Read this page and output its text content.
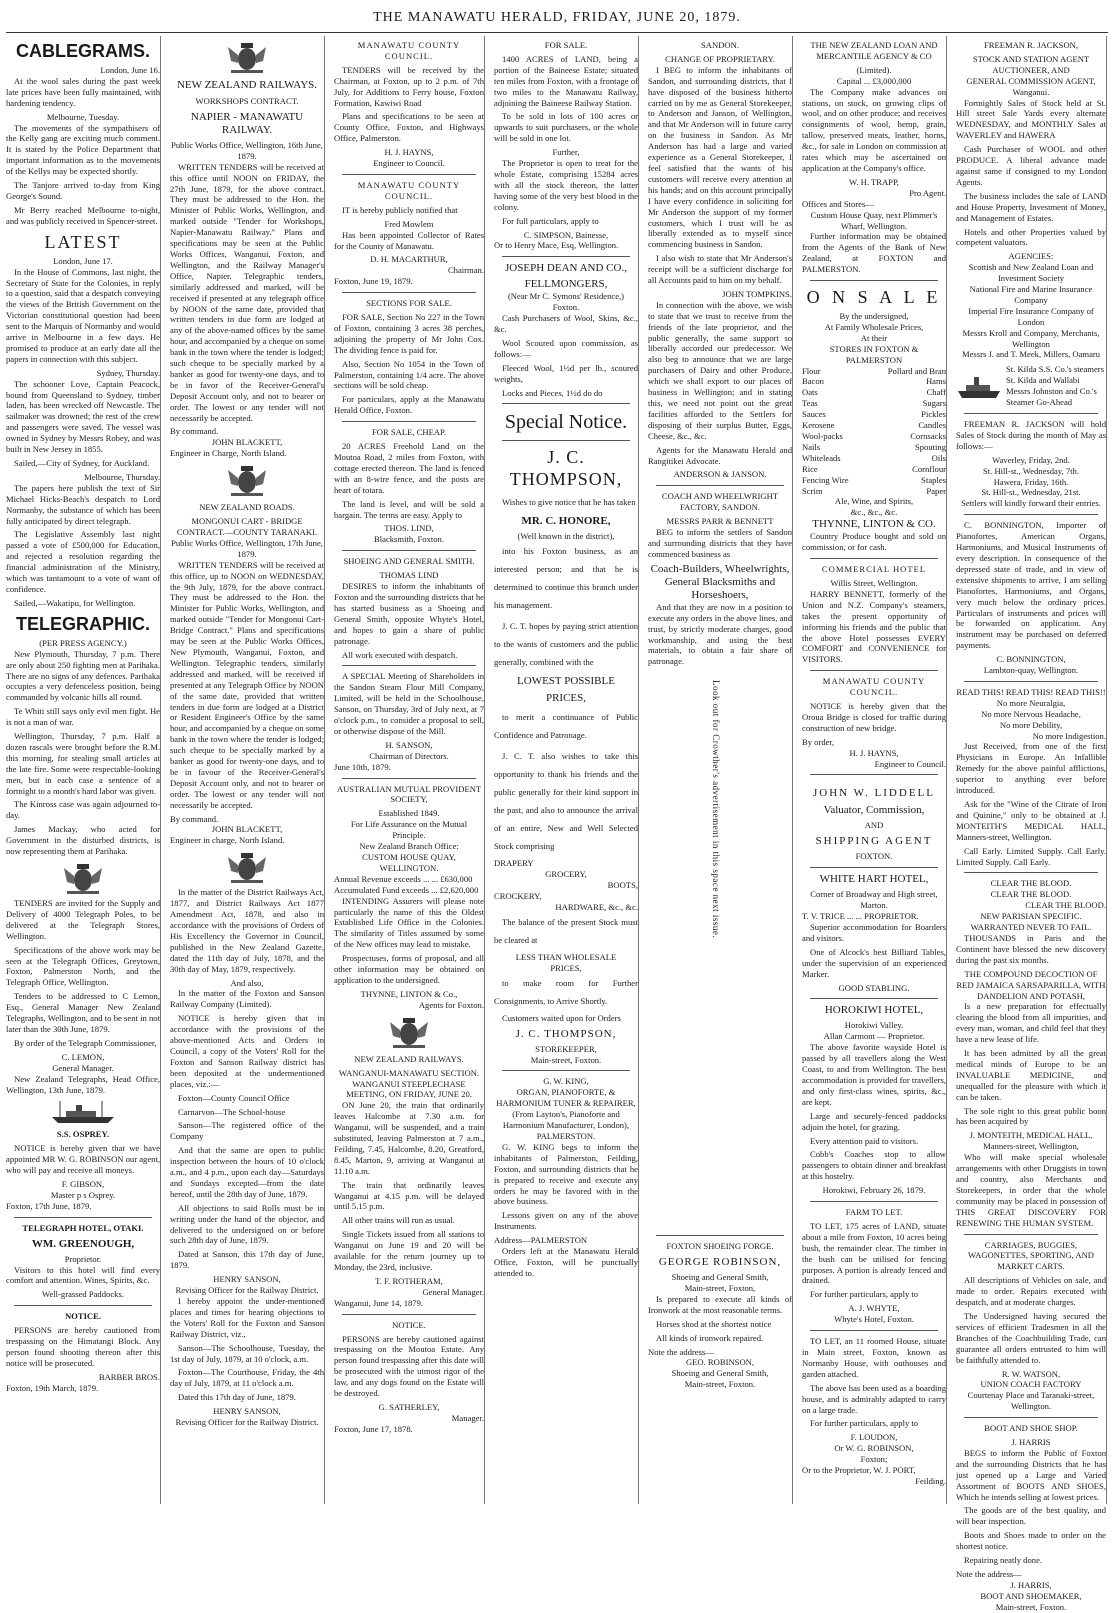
THE MANAWATU HERALD, FRIDAY, JUNE 20, 1879.
CABLEGRAMS.
London, June 16.

At the wool sales during the past week late prices have been fully maintained, with hardening tendency.

Melbourne, Tuesday.

The movements of the sympathisers of the Kelly gang are exciting much comment. It is stated by the Police Department that important information as to the movements of the Kellys may be expected shortly.

The Tanjore arrived to-day from King George's Sound.

Mr Berry reached Melbourne to-night, and was publicly received in Spencer-street.

LATEST
London, June 17.

In the House of Commons, last night, the Secretary of State for the Colonies, in reply to a question, said that a despatch conveying the views of the British Government on the Victorian constitutional question had been sent to the Marquis of Normanby and would arrive in Melbourne in a few days. He promised to produce at an early date all the papers in connection with this subject.

Sydney, Thursday.

The schooner Love, Captain Peacock, bound from Queensland to Sydney, timber laden, has been wrecked off Newcastle. The sailmaker was drowned; the rest of the crew and passengers were saved. The vessel was owned in Sydney by Messrs Robey, and was built in New Jersey in 1855.

Sailed,—City of Sydney, for Auckland.

Melbourne, Thursday.

The papers here publish the text of Sir Michael Hicks-Beach's despatch to Lord Normanby, the substance of which has been fully anticipated by direct telegraph.

The Legislative Assembly last night passed a vote of £500,000 for Education, and rejected a resolution regarding the financial administration of the Ministry, which was tantamount to a vote of want of confidence.

Sailed,—Wakatipu, for Wellington.

TELEGRAPHIC.
(PER PRESS AGENCY.)

New Plymouth, Thursday, 7 p.m. There are only about 250 fighting men at Parihaka. There are no signs of any defences. Parihaka occupies a very defenceless position, being commanded by volcanic hills all round.

Te Whiti still says only evil men fight. He is not a man of war.

Wellington, Thursday, 7 p.m. Half a dozen rascals were brought before the R.M. this morning, for stealing small articles at the late fire. Some were respectable-looking men, but in each case a sentence of a fortnight to a month's hard labor was given.

The Kinross case was again adjourned to-day.

James Mackay, who acted for Government in the disturbed districts, is now representing them at Parihaka.

TENDERS are invited for the Supply and Delivery of 4000 Telegraph Poles, to be delivered at the Telegraph Stores, Wellington.

Specifications of the above work may be seen at the Telegraph Offices, Greytown, Foxton, Palmerston North, and the Telegraph Office, Wellington.

Tenders to be addressed to C Lemon, Esq., General Manager New Zealand Telegraphs, Wellington, and to be sent in not later than the 30th June, 1879.

By order of the Telegraph Commissioner,

C. LEMON,
General Manager.

New Zealand Telegraphs, Head Office, Wellington, 13th June, 1879.

S.S. OSPREY.

NOTICE is hereby given that we have appointed MR W. G. ROBINSON our agent, who will pay and receive all moneys.

F. GIBSON,
Master p s Osprey.
Foxton, 17th June, 1879.
TELEGRAPH HOTEL, OTAKI.
WM. GREENOUGH,
Proprietor.

Visitors to this hotel will find every comfort and attention. Wines, Spirits, &c.

Well-grassed Paddocks.
NOTICE.

PERSONS are hereby cautioned from trespassing on the Himatangi Block. Any person found shooting thereon after this notice will be prosecuted.

BARBER BROS.
Foxton, 19th March, 1879.
NEW ZEALAND RAILWAYS.
WORKSHOPS CONTRACT.
NAPIER - MANAWATU RAILWAY.
Public Works Office, Wellington, 16th June, 1879.

WRITTEN TENDERS will be received at this office until NOON on FRIDAY, the 27th June, 1879, for the above contract. They must be addressed to the Hon. the Minister of Public Works, Wellington, and marked outside "Tender for Workshops, Napier-Manawatu Railway." Plans and specifications may be seen at the Public Works Offices, Wanganui, Foxton, and Wellington, and the Railway Manager's Office, Napier. Telegraphic tenders, similarly addressed and marked, will be received if presented at any telegraph office by NOON of the same date, provided that written tenders in due form are lodged at any of the above-named offices by the same hour, and accompanied by a cheque on some bank in the town where the tender is lodged; such cheque to be specially marked by a banker as good for twenty-one days, and to be in favor of the Receiver-General's Deposit Account only, and not to bearer or order. The lowest or any tender will not necessarily be accepted.

By command.
JOHN BLACKETT,
Engineer in Charge, North Island.
NEW ZEALAND ROADS.
MONGONUI CART - BRIDGE CONTRACT.—COUNTY TARANAKI.
Public Works Office, Wellington, 17th June, 1879.

WRITTEN TENDERS will be received at this office, up to NOON on WEDNESDAY, the 9th July, 1879, for the above contract. They must be addressed to the Hon. the Minister for Public Works, Wellington, and marked outside "Tender for Mongonui Cart-Bridge Contract." Plans and specifications may be seen at the Public Works Offices, New Plymouth, Wanganui, Foxton, and Wellington. Telegraphic tenders, similarly addressed and marked, will be received if presented at any Telegraph Office by NOON of the same date, provided that written tenders in due form are lodged at a District or Resident Engineer's Office by the same hour, and accompanied by a cheque on some bank in the town where the tender is lodged; such cheque to be specially marked by a banker as good for twenty-one days, and to be in favour of the Receiver-General's Deposit Account only, and not to bearer or order. The lowest or any tender will not necessarily be accepted.

By command.
JOHN BLACKETT,
Engineer in charge, North Island.

In the matter of the District Railways Act, 1877, and District Railways Act 1877 Amendment Act, 1878, and also in accordance with the provisions of Orders of His Excellency the Governor in Council, published in the New Zealand Gazette, dated the 11th day of July, 1878, and the 30th day of May, 1879, respectively.

And also,

In the matter of the Foxton and Sanson Railway Company (Limited).

NOTICE is hereby given that in accordance with the provisions of the above-mentioned Acts and Orders in Council, a copy of the Voters' Roll for the Foxton and Sanson Railway district has been deposited at the undermentioned places, viz.:—

Foxton—County Council Office

Carnarvon—The School-house

Sanson—The registered office of the Company

And that the same are open to public inspection between the hours of 10 o'clock a.m., and 4 p.m., upon each day—Saturdays and Sundays excepted—from the date hereof, until the 28th day of June, 1879.

All objections to said Rolls must be in writing under the hand of the objector, and delivered to the undersigned on or before such 28th day of June, 1879.

Dated at Sanson, this 17th day of June, 1879.

HENRY SANSON,
Revising Officer for the Railway District.

I hereby appoint the under-mentioned places and times for hearing objections to the Voters' Roll for the Foxton and Sanson Railway District, viz.,

Sanson—The Schoolhouse, Tuesday, the 1st day of July, 1879, at 10 o'clock, a.m.

Foxton—The Courthouse, Friday, the 4th day of July, 1879, at 11 o'clock a.m.

Dated this 17th day of June, 1879.

HENRY SANSON,
Revising Officer for the Railway District.
MANAWATU COUNTY COUNCIL.

TENDERS will be received by the Chairman, at Foxton, up to 2 p.m. of 7th July, for Additions to Ferry house, Foxton Formation, Kawiwi Road

Plans and specifications to be seen at County Office, Foxton, and Highways Office, Palmerston.

H. J. HAYNS,
Engineer to Council.
MANAWATU COUNTY COUNCIL.

IT is hereby publicly notified that

Fred Mowlem

Has been appointed Collector of Rates for the County of Manawatu.

D. H. MACARTHUR,
Chairman.
Foxton, June 19, 1879.
SECTIONS FOR SALE.

FOR SALE, Section No 227 in the Town of Foxton, containing 3 acres 38 perches, adjoining the property of Mr John Cox. The dividing fence is paid for.

Also, Section No 1054 in the Town of Palmerston, containing 1/4 acre. The above sections will be sold cheap.

For particulars, apply at the Manawatu Herald Office, Foxton.

FOR SALE, CHEAP.

20 ACRES Freehold Land on the Moutoa Road, 2 miles from Foxton, with cottage erected thereon. The land is fenced with an 8-wire fence, and the posts are heart of totara.

The land is level, and will be sold a bargain. The terms are easy. Apply to

THOS. LIND,
Blacksmith, Foxton.
SHOEING AND GENERAL SMITH.
THOMAS LIND

DESIRES to inform the inhabitants of Foxton and the surrounding districts that he has started business as a Shoeing and General Smith, opposite Whyte's Hotel, and hopes to gain a share of public patronage.

All work executed with despatch.

A SPECIAL Meeting of Shareholders in the Sandon Steam Flour Mill Company, Limited, will be held in the Schoolhouse, Sanson, on Thursday, 3rd of July next, at 7 o'clock p.m., to consider a proposal to sell, or otherwise dispose of the Mill.

H. SANSON,
Chairman of Directors.
June 10th, 1879.
AUSTRALIAN MUTUAL PROVIDENT SOCIETY,
Established 1849.
For Life Assurance on the Mutual Principle.
New Zealand Branch Office:
CUSTOM HOUSE QUAY, WELLINGTON.
Annual Revenue exceeds ... ... £630,000
Accumulated Fund exceeds ... £2,620,000

INTENDING Assurers will please note particularly the name of this the Oldest Established Life Office in the Colonies. The similarity of Titles assumed by some of the New offices may lead to mistake.

Prospectuses, forms of proposal, and all other information may be obtained on application to the undersigned.

THYNNE, LINTON & Co.,
Agents for Foxton.
NEW ZEALAND RAILWAYS.
WANGANUI-MANAWATU SECTION.
WANGANUI STEEPLECHASE MEETING, ON FRIDAY, JUNE 20.

ON June 20, the train that ordinarily leaves Halcombe at 7.30 a.m. for Wanganui, will be suspended, and a train substituted, leaving Palmerston at 7 a.m., Feilding, 7.45, Halcombe, 8.20, Greatford, 8.45, Marton, 9, arriving at Wanganui at 11.10 a.m.

The train that ordinarily leaves Wanganui at 4.15 p.m. will be delayed until 5.15 p.m.

All other trains will run as usual.

Single Tickets issued from all stations to Wanganui on June 19 and 20 will be available for the return journey up to Monday, the 23rd, inclusive.

T. F. ROTHERAM,
General Manager.
Wanganui, June 14, 1879.
NOTICE.

PERSONS are hereby cautioned against trespassing on the Moutoa Estate. Any person found trespassing after this date will be prosecuted with the utmost rigor of the law, and any dogs found on the Estate will be destroyed.

G. SATHERLEY,
Manager.
Foxton, June 17, 1878.
FOR SALE.

1400 ACRES of LAND, being a portion of the Baineese Estate; situated ten miles from Foxton, with a frontage of two miles to the Manawatu Railway, adjoining the Baineese Railway Station.

To be sold in lots of 100 acres or upwards to suit purchasers, or the whole will be sold in one lot.

Further,

The Proprietor is open to treat for the whole Estate, comprising 15284 acres with all the stock thereon, the latter having some of the very best blood in the colony.

For full particulars, apply to

C. SIMPSON, Bainesse,
Or to Henry Mace, Esq, Wellington.
JOSEPH DEAN AND CO.,
FELLMONGERS,
(Near Mr C. Symons' Residence,)
Foxton.

Cash Purchasers of Wool, Skins, &c., &c.

Wool Scoured upon commission, as follows:—

Fleeced Wool, 1½d per lb., scoured weights,

Locks and Pieces, 1½d do do

Special Notice.
J. C. THOMPSON,

Wishes to give notice that he has taken

MR. C. HONORE,
(Well known in the district),

into his Foxton business, as an interested person; and that he is determined to continue this branch under his management.

J. C. T. hopes by paying strict attention to the wants of customers and the public generally, combined with the

LOWEST POSSIBLE
PRICES,

to merit a continuance of Public Confidence and Patronage.

J. C. T. also wishes to take this opportunity to thank his friends and the public generally for their kind support in the past, and also to announce the arrival of an entire, New and Well Selected Stock comprising

DRAPERY
GROCERY,
BOOTS,
CROCKERY,
HARDWARE, &c., &c.

The balance of the present Stock must be cleared at

LESS THAN WHOLESALE
PRICES,

to make room for Further Consignments, to Arrive Shortly.

Customers waited upon for Orders

J. C. THOMPSON,
STOREKEEPER,
Main-street, Foxton.
G. W. KING,
ORGAN, PIANOFORTE, & HARMONIUM TUNER & REPAIRER,
(From Layton's, Pianoforte and Harmonium Manufacturer, London),
PALMERSTON.

G. W. KING begs to inform the inhabitants of Palmerston, Feilding, Foxton, and surrounding districts that he is prepared to receive and execute any orders he may be favored with in the above business.

Lessons given on any of the above Instruments.

Address—PALMERSTON

Orders left at the Manawatu Herald Office, Foxton, will be punctually attended to.

SANDON.
CHANGE OF PROPRIETARY.

I BEG to inform the inhabitants of Sandon, and surrounding districts, that I have disposed of the business hitherto carried on by me as General Storekeeper, to Anderson and Janson, of Wellington, and that Mr Anderson will in future carry on the business in Sandon. As Mr Anderson has had a large and varied experience as a General Storekeeper, I feel satisfied that the wants of his customers will receive every attention at his hands; and on this account principally I have every confidence in soliciting for Mr Anderson the support of my former customers, which I trust will be as liberally extended as to myself since commencing business in Sandon.

I also wish to state that Mr Anderson's receipt will be a sufficient discharge for all Accounts paid to him on my behalf.

JOHN TOMPKINS.

In connection with the above, we wish to state that we trust to receive from the friends of the late proprietor, and the public generally, the same support so liberally accorded our predecessor. We also beg to announce that we are large purchasers of Dairy and other Produce, which we shall export to our places of business in Wellington; and in stating this, we need not point out the great facilities afforded to the Settlers for disposing of their surplus Butter, Eggs, Cheese, &c., &c.

Agents for the Manawatu Herald and Rangitikei Advocate.

ANDERSON & JANSON.
COACH AND WHEELWRIGHT FACTORY, SANDON.
MESSRS PARR & BENNETT

BEG to inform the settlers of Sandon and surrounding districts that they have commenced business as

Coach-Builders, Wheelwrights, General Blacksmiths and Horseshoers,

And that they are now in a position to execute any orders in the above lines, and trust, by strictly moderate charges, good workmanship, and using the best materials, to obtain a fair share of patronage.

Look out for Crowther's advertisement in this space next issue.
FOXTON SHOEING FORGE.
GEORGE ROBINSON,
Shoeing and General Smith,
Main-street, Foxton,

Is prepared to execute all kinds of Ironwork at the most reasonable terms.

Horses shod at the shortest notice

All kinds of ironwork repaired.

Note the address—
GEO. ROBINSON,
Shoeing and General Smith,
Main-street, Foxton.
THE NEW ZEALAND LOAN AND MERCANTILE AGENCY & CO
(Limited).
Capital ... £3,000,000

The Company make advances on stations, on stock, on growing clips of wool, and on other produce; and receives consignments of wool, hemp, grain, tallow, preserved meats, leather, horns, &c., for sale in London on commission at rates which may be ascertained on application at the Company's office.

W. H. TRAPP,
Pro Agent.
Offices and Stores—
Custom House Quay, next Plimmer's Wharf, Wellington.

Further information may be obtained from the Agents of the Bank of New Zealand, at FOXTON and PALMERSTON.

O N S A L E
By the undersigned,
At Family Wholesale Prices,
At their
STORES IN FOXTON & PALMERSTON
Flour	Pollard and Bran
Bacon	Hams
Oats	Chaff
Teas	Sugars
Sauces	Pickles
Kerosene	Candles
Wool-packs	Cornsacks
Nails	Spouting
Whiteleads	Oils
Rice	Cornflour
Fencing Wire	Staples
Scrim	Paper
Ale, Wine, and Spirits,
&c., &c., &c.
THYNNE, LINTON & CO.

Country Produce bought and sold on commission, or for cash.

COMMERCIAL HOTEL
Willis Street, Wellington.

HARRY BENNETT, formerly of the Union and N.Z. Company's steamers, takes the present opportunity of informing his friends and the public that the above Hotel possesses EVERY COMFORT and CONVENIENCE for VISITORS.

MANAWATU COUNTY COUNCIL.

NOTICE is hereby given that the Oroua Bridge is closed for traffic during construction of new bridge.

By order,
H. J. HAYNS,
Engineer to Council.
JOHN W. LIDDELL
Valuator, Commission,
AND
SHIPPING AGENT
FOXTON.
WHITE HART HOTEL,
Corner of Broadway and High street,
Marton.
T. V. TRICE ... ... PROPRIETOR.

Superior accommodation for Boarders and visitors.

One of Alcock's best Billiard Tables, under the supervision of an experienced Marker.

GOOD STABLING.
HOROKIWI HOTEL,
Horokiwi Valley.
Allan Carmont — Proprietor.

The above favorite wayside Hotel is passed by all travellers along the West Coast, to and from Wellington. The best accommodation is provided for travellers, and only first-class wines, spirits, &c., are kept.

Large and securely-fenced paddocks adjoin the hotel, for grazing.

Every attention paid to visitors.

Cobb's Coaches stop to allow passengers to obtain dinner and breakfast at this hostelry.

Horokiwi, February 26, 1879.
FARM TO LET.

TO LET, 175 acres of LAND, situate about a mile from Foxton, 10 acres being bush, the remainder clear. The timber in the bush can be utilised for fencing purposes. A portion is already fenced and drained.

For further particulars, apply to

A. J. WHYTE,
Whyte's Hotel, Foxton.

TO LET, an 11 roomed House, situate in Main street, Foxton, known as Normanby House, with outhouses and garden attached.

The above has been used as a boarding house, and is admirably adapted to carry on a large trade.

For further particulars, apply to

F. LOUDON,
Or W. G. ROBINSON,
Foxton;
Or to the Proprietor, W. J. PORT,
Feilding.
FREEMAN R. JACKSON,
STOCK AND STATION AGENT
AUCTIONEER, AND
GENERAL COMMISSION AGENT,
Wanganui.

Fortnightly Sales of Stock held at St. Hill street Sale Yards every alternate WEDNESDAY, and MONTHLY Sales at WAVERLEY and HAWERA

Cash Purchaser of WOOL and other PRODUCE. A liberal advance made against same if consigned to my London Agents.

The business includes the sale of LAND and House Property, Investment of Money, and Management of Estates.

Hotels and other Properties valued by competent valuators.

AGENCIES:
Scottish and New Zealand Loan and Investment Society
National Fire and Marine Insurance Company
Imperial Fire Insurance Company of London
Messrs Kroll and Company, Merchants, Wellington
Messrs J. and T. Meek, Millers, Oamaru
St. Kilda S.S. Co.'s steamers
St. Kilda and Wallabi
Messrs Johnston and Co.'s
Steamer Go-Ahead

FREEMAN R. JACKSON will hold Sales of Stock during the month of May as follows:—

Waverley, Friday, 2nd.
St. Hill-st., Wednesday, 7th.
Hawera, Friday, 16th.
St. Hill-st., Wednesday, 21st.
Settlers will kindly forward their entries.

C. BONNINGTON, Importer of Pianofortes, American Organs, Harmoniums, and Musical Instruments of every description. In consequence of the depressed state of trade, and in view of extensive shipments to arrive, I am selling Pianofortes, Harmoniums, and Organs, very much below the ordinary prices. Particulars of instruments and prices will be forwarded on application. Any instrument may be purchased on deferred payments.

C. BONNINGTON,
Lambton-quay, Wellington.
READ THIS! READ THIS! READ THIS!!
No more Neuralgia,
No more Nervous Headache,
No more Debility,
No more Indigestion.

Just Received, from one of the first Physicians in Europe. An Infallible Remedy for the above painful afflictions, superior to anything ever before introduced.

Ask for the "Wine of the Citrate of Iron and Quinine," only to be obtained at J. MONTEITH'S MEDICAL HALL, Manners-street, Wellington.

Call Early. Limited Supply. Call Early. Limited Supply. Call Early.

CLEAR THE BLOOD.
CLEAR THE BLOOD.
CLEAR THE BLOOD.
NEW PARISIAN SPECIFIC.
WARRANTED NEVER TO FAIL.

THOUSANDS in Paris and the Continent have blessed the new discovery during the past six months.

THE COMPOUND DECOCTION OF RED JAMAICA SARSAPARILLA, WITH DANDELION AND POTASH,

Is a new preparation for effectually clearing the blood from all impurities, and every man, woman, and child feel that they have a new lease of life.

It has been admitted by all the great medical minds of Europe to be an INVALUABLE MEDICINE, and unequalled for the pleasure with which it can be taken.

The sole right to this great public boon has been acquired by

J. MONTEITH, MEDICAL HALL,
Manners-street, Wellington,

Who will make special wholesale arrangements with other Druggists in town and country, also Merchants and Storekeepers, in order that the whole community may be placed in possession of THIS GREAT DISCOVERY FOR RENEWING THE HUMAN SYSTEM.

CARRIAGES, BUGGIES, WAGONETTES, SPORTING, AND MARKET CARTS.

All descriptions of Vehicles on sale, and made to order. Repairs executed with despatch, and at moderate charges.

The Undersigned having secured the services of efficient Tradesmen in all the Branches of the Coachbuilding Trade, can guarantee all orders entrusted to him will be faithfully attended to.

R. W. WATSON,
UNION COACH FACTORY
Courtenay Place and Taranaki-street, Wellington.
BOOT AND SHOE SHOP.
J. HARRIS

BEGS to inform the Public of Foxton and the surrounding Districts that he has just opened up a Large and Varied Assortment of BOOTS AND SHOES, Which he intends selling at lowest prices.

The goods are of the best quality, and will bear inspection.

Boots and Shoes made to order on the shortest notice.

Repairing neatly done.

Note the address—
J. HARRIS,
BOOT AND SHOEMAKER,
Main-street, Foxton.
